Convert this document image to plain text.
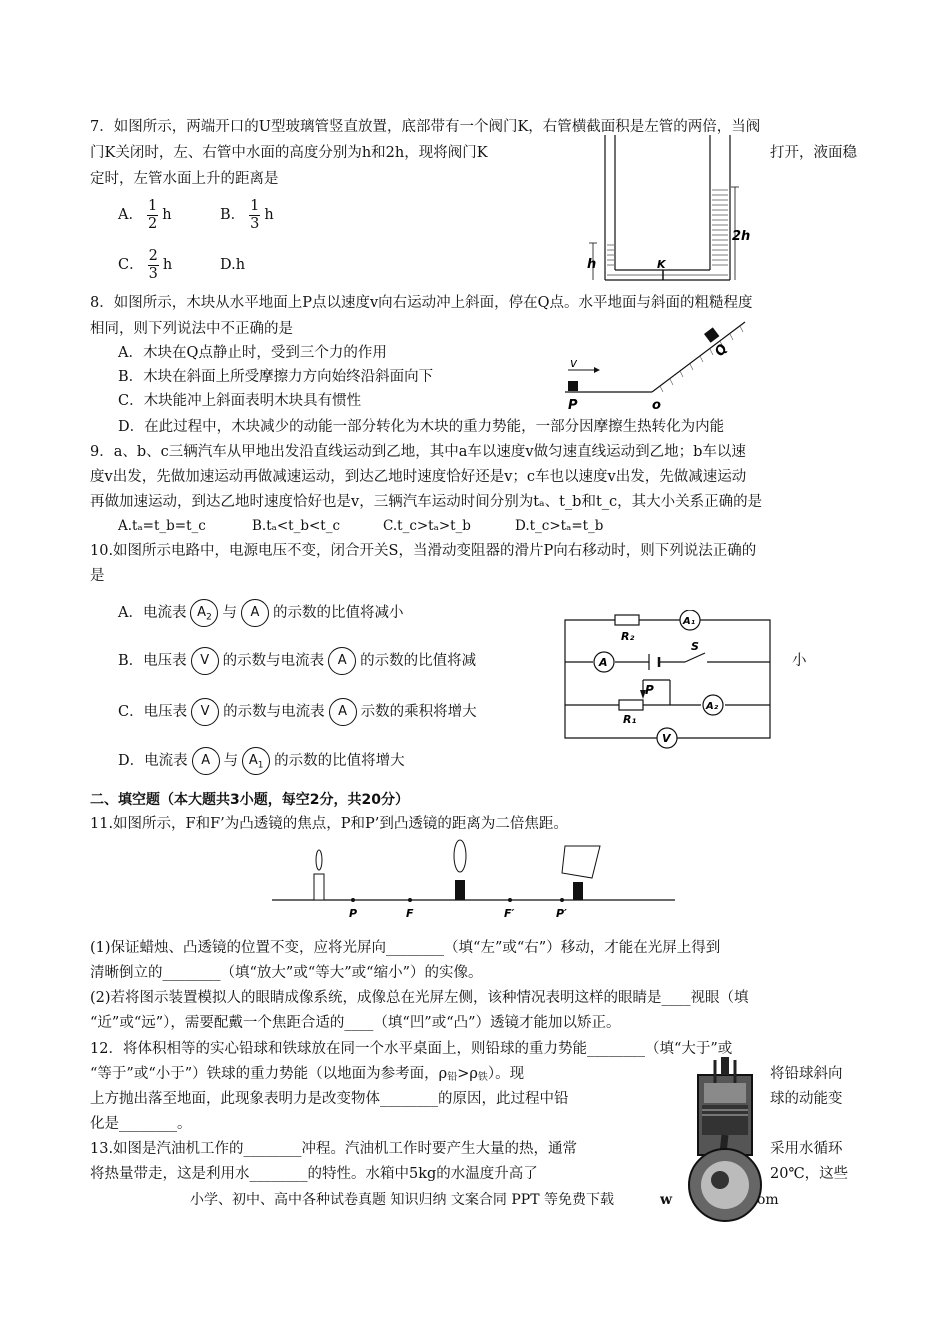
7．如图所示，两端开口的U型玻璃管竖直放置，底部带有一个阀门K，右管横截面积是左管的两倍，当阀
门K关闭时，左、右管中水面的高度分别为h和2h，现将阀门K	打开，液面稳
定时，左管水面上升的距离是
A． $\frac{1}{2}$ h	B． $\frac{1}{3}$ h
C． $\frac{2}{3}$ h	D.h
2h
h	K
8．如图所示，木块从水平地面上P点以速度v向右运动冲上斜面，停在Q点。水平地面与斜面的粗糙程度
相同，则下列说法中不正确的是
A．木块在Q点静止时，受到三个力的作用
B．木块在斜面上所受摩擦力方向始终沿斜面向下
C．木块能冲上斜面表明木块具有惯性
D．在此过程中，木块减少的动能一部分转化为木块的重力势能，一部分因摩擦生热转化为内能
v
P	o
Q
9．a、b、c三辆汽车从甲地出发沿直线运动到乙地，其中a车以速度v做匀速直线运动到乙地；b车以速
度v出发，先做加速运动再做减速运动，到达乙地时速度恰好还是v；c车也以速度v出发，先做减速运动
再做加速运动，到达乙地时速度恰好也是v，三辆汽车运动时间分别为tₐ、t_b和t_c，其大小关系正确的是
A.tₐ=t_b=t_c	B.tₐ<t_b<t_c	C.t_c>tₐ>t_b	D.t_c>tₐ=t_b
10.如图所示电路中，电源电压不变，闭合开关S，当滑动变阻器的滑片P向右移动时，则下列说法正确的
是
A．电流表 $A_2$ 与 A 的示数的比值将减小
B．电压表 V 的示数与电流表 A 的示数的比值将减	小
C．电压表 V 的示数与电流表 A 示数的乘积将增大
D．电流表 A 与 $A_1$ 的示数的比值将增大
R₂
A₁
A
S
P
R₁
A₂
V
二、填空题（本大题共3小题，每空2分，共20分）
11.如图所示，F和F’为凸透镜的焦点，P和P’到凸透镜的距离为二倍焦距。
P	F	F′	P′
(1)保证蜡烛、凸透镜的位置不变，应将光屏向________（填“左”或“右”）移动，才能在光屏上得到
清晰倒立的________（填“放大”或“等大”或“缩小”）的实像。
(2)若将图示装置模拟人的眼睛成像系统，成像总在光屏左侧，该种情况表明这样的眼睛是____视眼（填
“近”或“远”），需要配戴一个焦距合适的____（填“凹”或“凸”）透镜才能加以矫正。
12．将体积相等的实心铅球和铁球放在同一个水平桌面上，则铅球的重力势能________（填“大于”或
“等于”或“小于”）铁球的重力势能（以地面为参考面，$\rho_铅>\rho_铁$）。现	将铅球斜向
上方抛出落至地面，此现象表明力是改变物体________的原因，此过程中铅	球的动能变
化是________。
13.如图是汽油机工作的________冲程。汽油机工作时要产生大量的热，通常	采用水循环
将热量带走，这是利用水________的特性。水箱中5kg的水温度升高了	20℃，这些
小学、初中、高中各种试卷真题 知识归纳 文案合同 PPT 等免费下载	w	om
